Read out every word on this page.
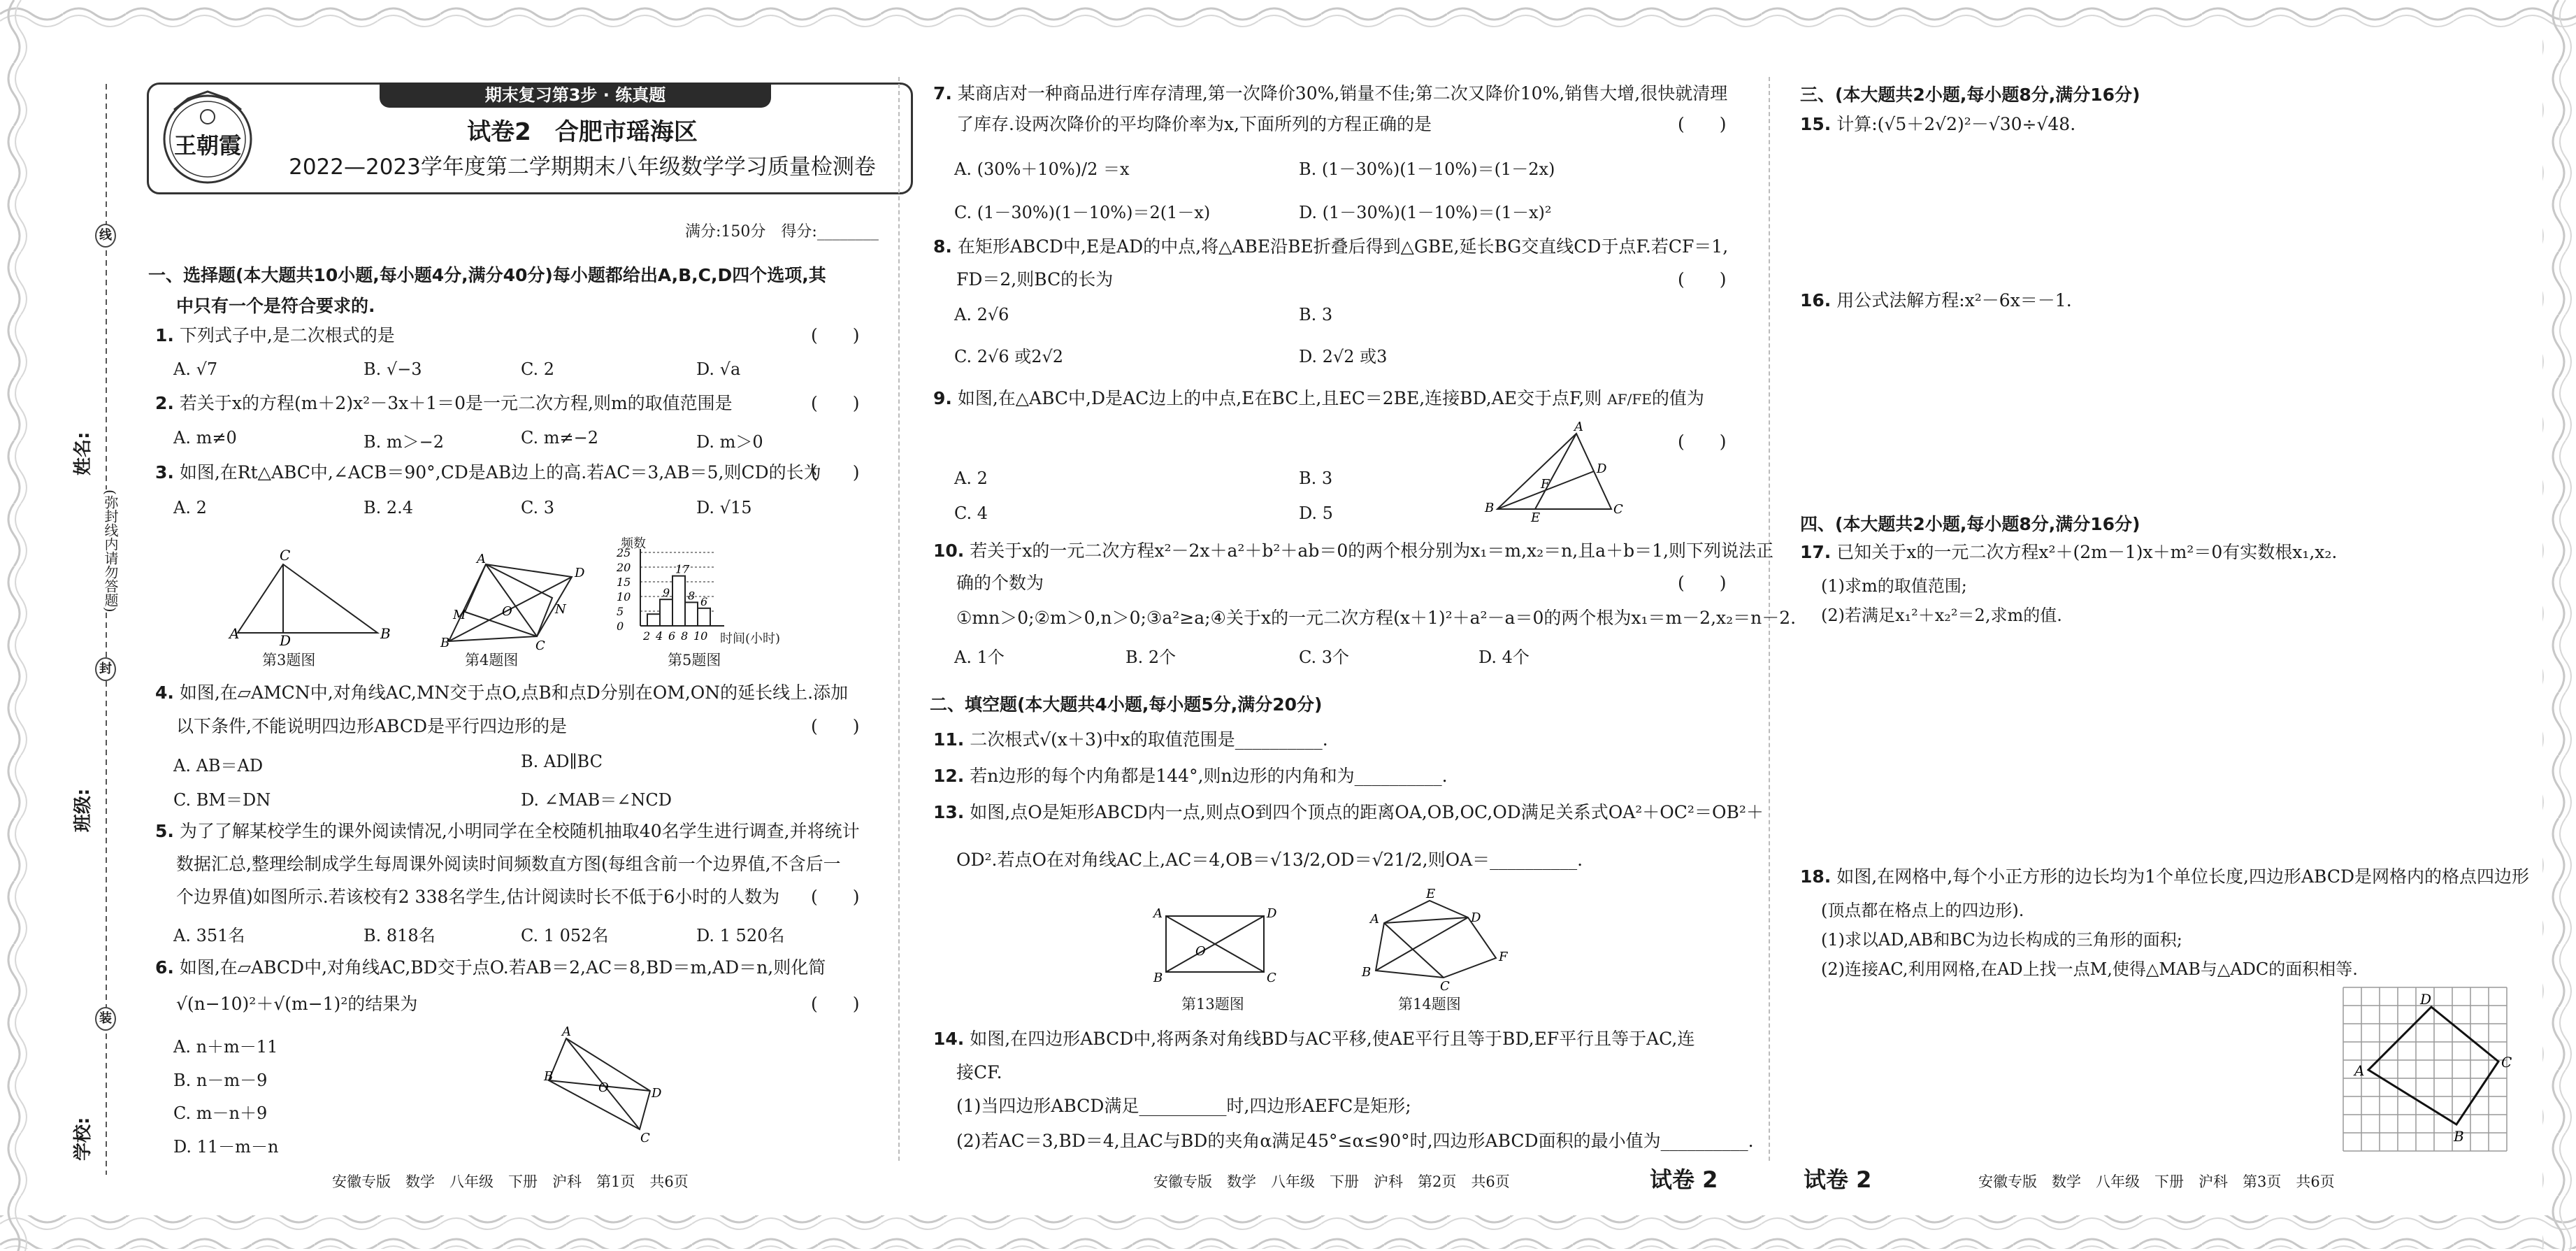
线
封
装
姓名:
班级:
学校:
(弥封线内请勿答题)
王朝霞
期末复习第3步 · 练真题
试卷2　合肥市瑶海区
2022—2023学年度第二学期期末八年级数学学习质量检测卷
满分:150分　得分:________
一、选择题(本大题共10小题,每小题4分,满分40分)每小题都给出A,B,C,D四个选项,其
中只有一个是符合要求的.
1. 下列式子中,是二次根式的是	(　　)
A. √7	B. √−3	C. 2	D. √a
2. 若关于x的方程(m＋2)x²－3x＋1＝0是一元二次方程,则m的取值范围是	(　　)
A. m≠0	B. m＞−2	C. m≠−2	D. m＞0
3. 如图,在Rt△ABC中,∠ACB＝90°,CD是AB边上的高.若AC＝3,AB＝5,则CD的长为
(　　)
A. 2	B. 2.4	C. 3	D. √15
A
C
B
D
第3题图
A
D
B	C
M	N
O
第4题图
频数
25
20
15
10
5
0
9
17
8 6
2 4 6 8 10 时间(小时)
第5题图
4. 如图,在▱AMCN中,对角线AC,MN交于点O,点B和点D分别在OM,ON的延长线上.添加
以下条件,不能说明四边形ABCD是平行四边形的是	(　　)
A. AB＝AD	B. AD∥BC
C. BM＝DN	D. ∠MAB＝∠NCD
5. 为了了解某校学生的课外阅读情况,小明同学在全校随机抽取40名学生进行调查,并将统计
数据汇总,整理绘制成学生每周课外阅读时间频数直方图(每组含前一个边界值,不含后一
个边界值)如图所示.若该校有2 338名学生,估计阅读时长不低于6小时的人数为 (　　)
A. 351名	B. 818名	C. 1 052名	D. 1 520名
6. 如图,在▱ABCD中,对角线AC,BD交于点O.若AB＝2,AC＝8,BD＝m,AD＝n,则化简
√(n−10)²＋√(m−1)²的结果为	(　　)
A. n＋m－11
B. n－m－9
C. m－n＋9
D. 11－m－n
A
B
O	D
C
安徽专版　数学　八年级　下册　沪科　第1页　共6页
7. 某商店对一种商品进行库存清理,第一次降价30%,销量不佳;第二次又降价10%,销售大增,很快就清理
了库存.设两次降价的平均降价率为x,下面所列的方程正确的是	(　　)
A. (30%＋10%)/2 ＝x	B. (1－30%)(1－10%)＝(1－2x)
C. (1－30%)(1－10%)＝2(1－x)	D. (1－30%)(1－10%)＝(1－x)²
8. 在矩形ABCD中,E是AD的中点,将△ABE沿BE折叠后得到△GBE,延长BG交直线CD于点F.若CF＝1,
FD＝2,则BC的长为	(　　)
A. 2√6	B. 3
C. 2√6 或2√2	D. 2√2 或3
9. 如图,在△ABC中,D是AC边上的中点,E在BC上,且EC＝2BE,连接BD,AE交于点F,则 AF/FE的值为
(　　)
A. 2	B. 3
C. 4	D. 5
A
B	C
D
E
F
10. 若关于x的一元二次方程x²－2x＋a²＋b²＋ab＝0的两个根分别为x₁＝m,x₂＝n,且a＋b＝1,则下列说法正
确的个数为	(　　)
①mn＞0;②m＞0,n＞0;③a²≥a;④关于x的一元二次方程(x＋1)²＋a²－a＝0的两个根为x₁＝m－2,x₂＝n－2.
A. 1个	B. 2个	C. 3个	D. 4个
二、填空题(本大题共4小题,每小题5分,满分20分)
11. 二次根式√(x＋3)中x的取值范围是__________.
12. 若n边形的每个内角都是144°,则n边形的内角和为__________.
13. 如图,点O是矩形ABCD内一点,则点O到四个顶点的距离OA,OB,OC,OD满足关系式OA²＋OC²＝OB²＋
OD².若点O在对角线AC上,AC＝4,OB＝√13/2,OD＝√21/2,则OA＝__________.
A	D
B	C
O
第13题图
A
E
D
F
B
C
第14题图
14. 如图,在四边形ABCD中,将两条对角线BD与AC平移,使AE平行且等于BD,EF平行且等于AC,连
接CF.
(1)当四边形ABCD满足__________时,四边形AEFC是矩形;
(2)若AC＝3,BD＝4,且AC与BD的夹角α满足45°≤α≤90°时,四边形ABCD面积的最小值为__________.
安徽专版　数学　八年级　下册　沪科　第2页　共6页	试卷 2
三、(本大题共2小题,每小题8分,满分16分)
15. 计算:(√5＋2√2)²－√30÷√48.
16. 用公式法解方程:x²－6x＝－1.
四、(本大题共2小题,每小题8分,满分16分)
17. 已知关于x的一元二次方程x²＋(2m－1)x＋m²＝0有实数根x₁,x₂.
(1)求m的取值范围;
(2)若满足x₁²＋x₂²＝2,求m的值.
18. 如图,在网格中,每个小正方形的边长均为1个单位长度,四边形ABCD是网格内的格点四边形
(顶点都在格点上的四边形).
(1)求以AD,AB和BC为边长构成的三角形的面积;
(2)连接AC,利用网格,在AD上找一点M,使得△MAB与△ADC的面积相等.
D
A
B
C
试卷 2	安徽专版　数学　八年级　下册　沪科　第3页　共6页
